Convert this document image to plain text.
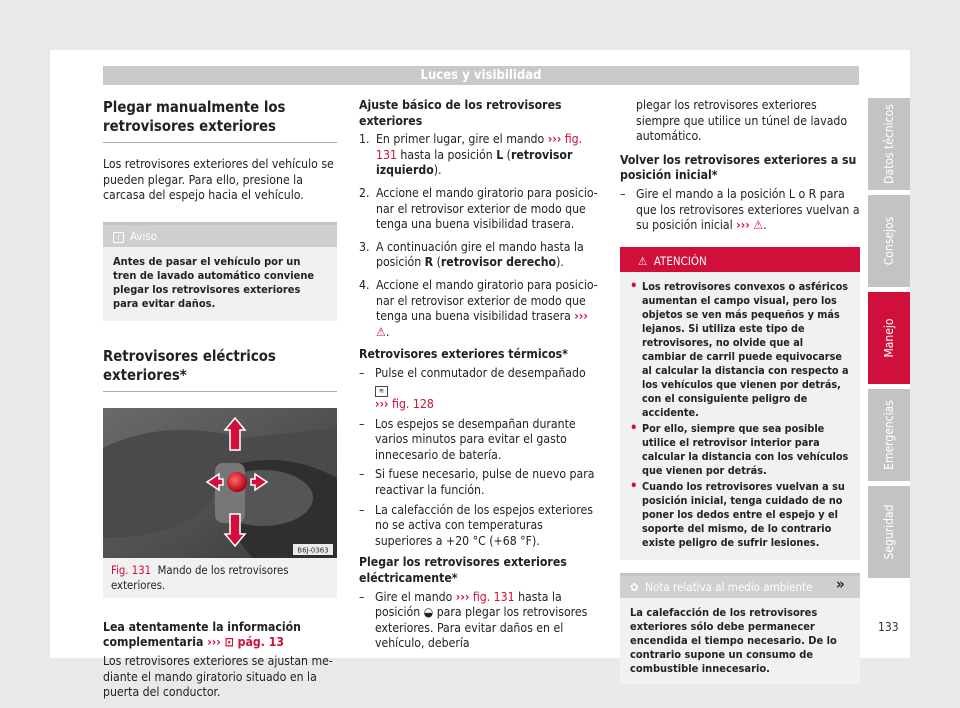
Luces y visibilidad
Plegar manualmente los retrovisores exteriores

Los retrovisores exteriores del vehículo se pueden plegar. Para ello, presione la carcasa del espejo hacia el vehículo.

i Aviso
Antes de pasar el vehículo por un tren de lavado automático conviene plegar los retrovisores exteriores para evitar daños.
Retrovisores eléctricos exteriores*
B6J-0363
Fig. 131 Mando de los retrovisores exteriores.

Lea atentamente la información complementaria ››› ⊡ pág. 13

Los retrovisores exteriores se ajustan mediante el mando giratorio situado en la puerta del conductor.

Ajuste básico de los retrovisores exteriores
1. En primer lugar, gire el mando ››› fig. 131 hasta la posición L (retrovisor izquierdo).
2. Accione el mando giratorio para posicionar el retrovisor exterior de modo que tenga una buena visibilidad trasera.
3. A continuación gire el mando hasta la posición R (retrovisor derecho).
4. Accione el mando giratorio para posicionar el retrovisor exterior de modo que tenga una buena visibilidad trasera ››› ⚠.
Retrovisores exteriores térmicos*
– Pulse el conmutador de desempañado ≋
››› fig. 128
– Los espejos se desempañan durante varios minutos para evitar el gasto innecesario de batería.
– Si fuese necesario, pulse de nuevo para reactivar la función.
– La calefacción de los espejos exteriores no se activa con temperaturas superiores a +20 °C (+68 °F).
Plegar los retrovisores exteriores eléctricamente*
– Gire el mando ››› fig. 131 hasta la posición ◒ para plegar los retrovisores exteriores. Para evitar daños en el vehículo, debería

plegar los retrovisores exteriores siempre que utilice un túnel de lavado automático.

Volver los retrovisores exteriores a su posición inicial*
– Gire el mando a la posición L o R para que los retrovisores exteriores vuelvan a su posición inicial ››› ⚠.
⚠ ATENCIÓN
• Los retrovisores convexos o asféricos aumentan el campo visual, pero los objetos se ven más pequeños y más lejanos. Si utiliza este tipo de retrovisores, no olvide que al cambiar de carril puede equivocarse al calcular la distancia con respecto a los vehículos que vienen por detrás, con el consiguiente peligro de accidente.
• Por ello, siempre que sea posible utilice el retrovisor interior para calcular la distancia con los vehículos que vienen por detrás.
• Cuando los retrovisores vuelvan a su posición inicial, tenga cuidado de no poner los dedos entre el espejo y el soporte del mismo, de lo contrario existe peligro de sufrir lesiones.
✿ Nota relativa al medio ambiente
La calefacción de los retrovisores exteriores sólo debe permanecer encendida el tiempo necesario. De lo contrario supone un consumo de combustible innecesario.
»
Datos técnicos
Consejos
Manejo
Emergencias
Seguridad
133
